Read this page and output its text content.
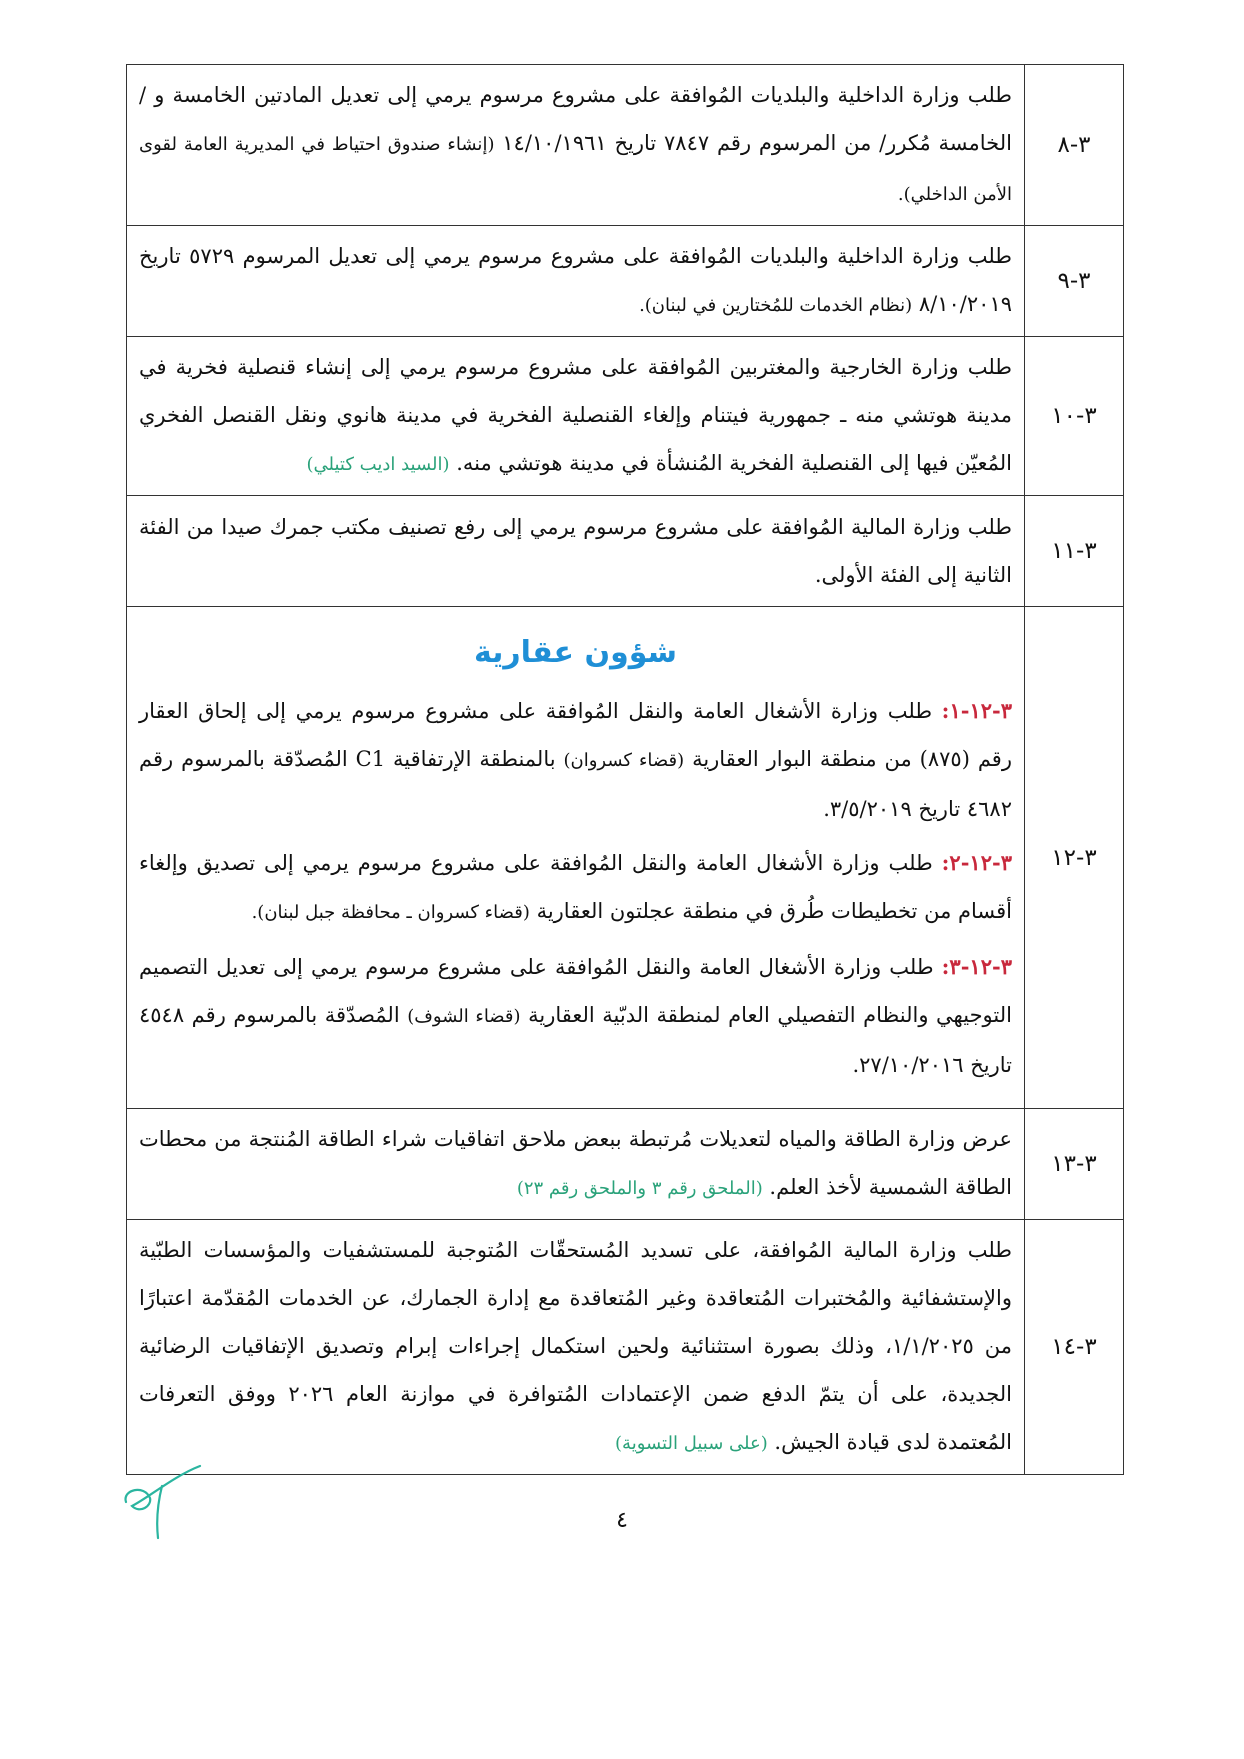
٣-٨	طلب وزارة الداخلية والبلديات المُوافقة على مشروع مرسوم يرمي إلى تعديل المادتين الخامسة و /الخامسة مُكرر/ من المرسوم رقم ٧٨٤٧ تاريخ ١٤/١٠/١٩٦١ (إنشاء صندوق احتياط في المديرية العامة لقوى الأمن الداخلي).
٣-٩	طلب وزارة الداخلية والبلديات المُوافقة على مشروع مرسوم يرمي إلى تعديل المرسوم ٥٧٢٩ تاريخ ٨/١٠/٢٠١٩ (نظام الخدمات للمُختارين في لبنان).
٣-١٠	طلب وزارة الخارجية والمغتربين المُوافقة على مشروع مرسوم يرمي إلى إنشاء قنصلية فخرية في مدينة هوتشي منه ـ جمهورية فيتنام وإلغاء القنصلية الفخرية في مدينة هانوي ونقل القنصل الفخري المُعيّن فيها إلى القنصلية الفخرية المُنشأة في مدينة هوتشي منه. (السيد اديب كتيلي)
٣-١١	طلب وزارة المالية المُوافقة على مشروع مرسوم يرمي إلى رفع تصنيف مكتب جمرك صيدا من الفئة الثانية إلى الفئة الأولى.
٣-١٢	شؤون عقارية
٣-١٢-١: طلب وزارة الأشغال العامة والنقل المُوافقة على مشروع مرسوم يرمي إلى إلحاق العقار رقم (٨٧٥) من منطقة البوار العقارية (قضاء كسروان) بالمنطقة الإرتفاقية C1 المُصدّقة بالمرسوم رقم ٤٦٨٢ تاريخ ٣/٥/٢٠١٩.
٣-١٢-٢: طلب وزارة الأشغال العامة والنقل المُوافقة على مشروع مرسوم يرمي إلى تصديق وإلغاء أقسام من تخطيطات طُرق في منطقة عجلتون العقارية (قضاء كسروان ـ محافظة جبل لبنان).
٣-١٢-٣: طلب وزارة الأشغال العامة والنقل المُوافقة على مشروع مرسوم يرمي إلى تعديل التصميم التوجيهي والنظام التفصيلي العام لمنطقة الدبّية العقارية (قضاء الشوف) المُصدّقة بالمرسوم رقم ٤٥٤٨ تاريخ ٢٧/١٠/٢٠١٦.

٣-١٣	عرض وزارة الطاقة والمياه لتعديلات مُرتبطة ببعض ملاحق اتفاقيات شراء الطاقة المُنتجة من محطات الطاقة الشمسية لأخذ العلم. (الملحق رقم ٣ والملحق رقم ٢٣)
٣-١٤	طلب وزارة المالية المُوافقة، على تسديد المُستحقّات المُتوجبة للمستشفيات والمؤسسات الطبّية والإستشفائية والمُختبرات المُتعاقدة وغير المُتعاقدة مع إدارة الجمارك، عن الخدمات المُقدّمة اعتبارًا من ١/١/٢٠٢٥، وذلك بصورة استثنائية ولحين استكمال إجراءات إبرام وتصديق الإتفاقيات الرضائية الجديدة، على أن يتمّ الدفع ضمن الإعتمادات المُتوافرة في موازنة العام ٢٠٢٦ ووفق التعرفات المُعتمدة لدى قيادة الجيش. (على سبيل التسوية)
٤
